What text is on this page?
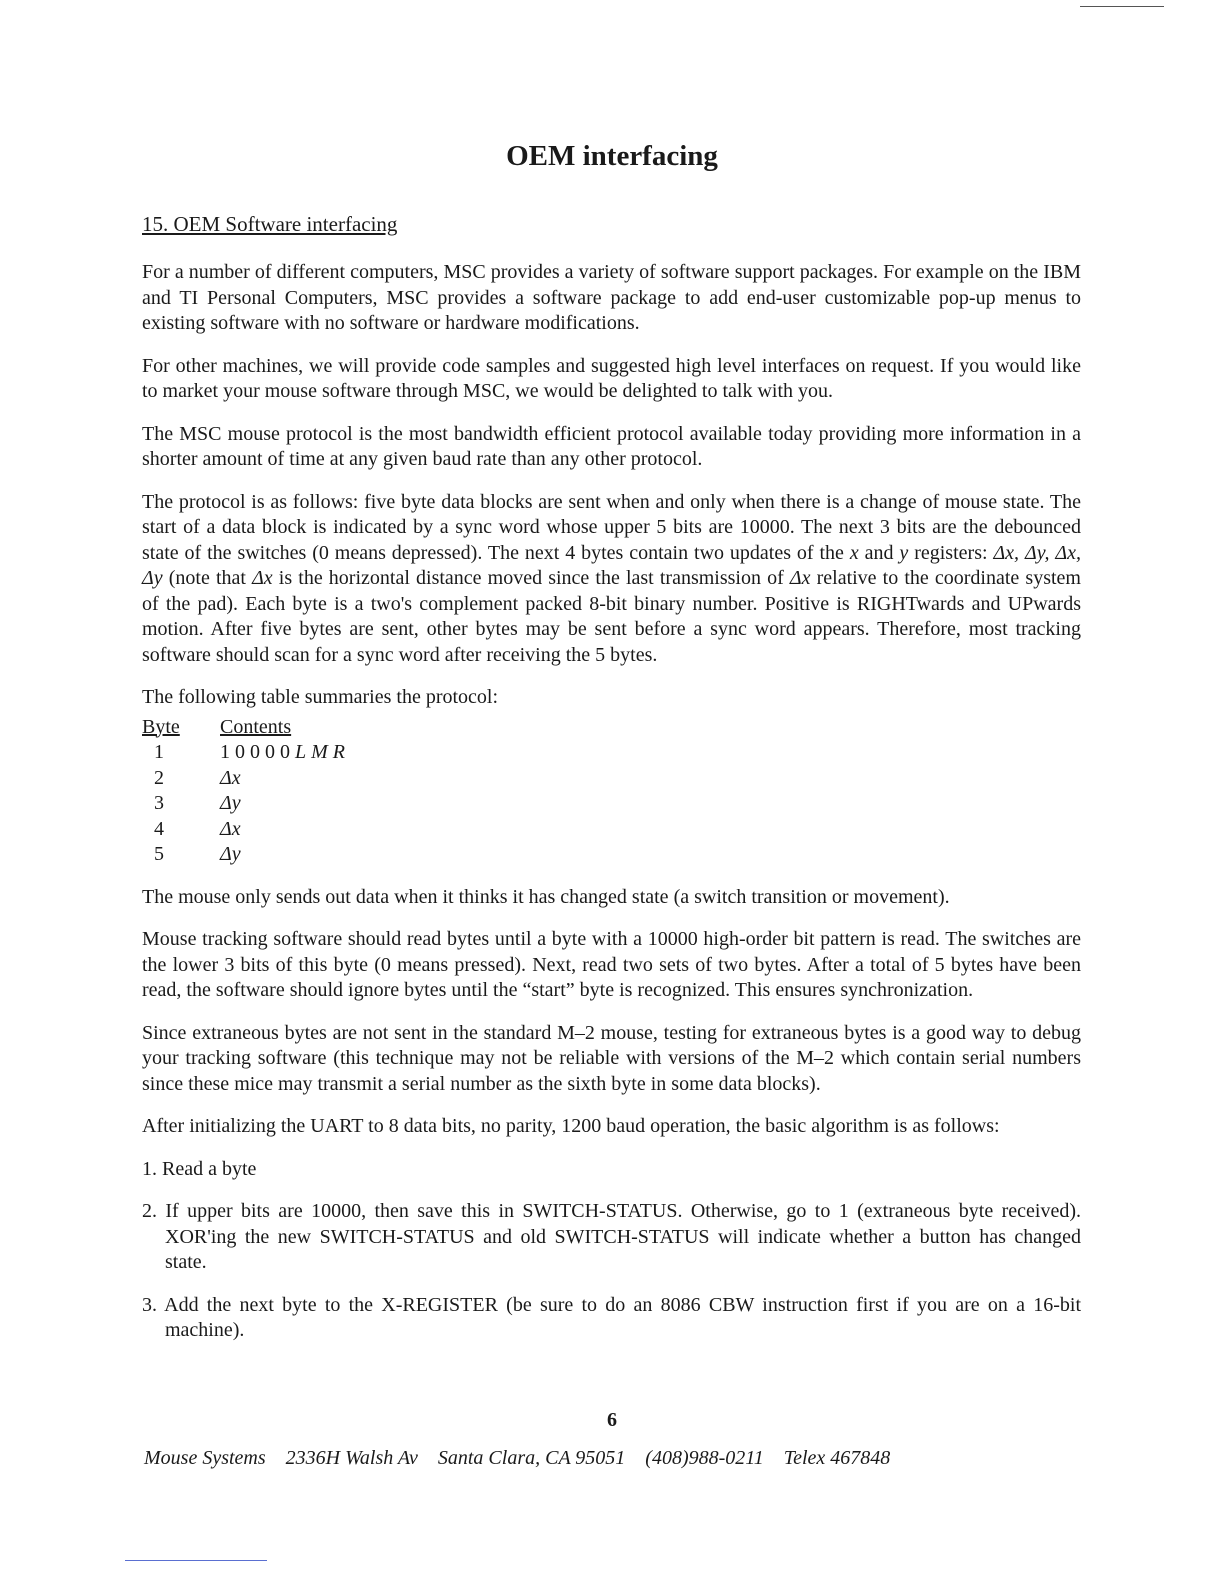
OEM interfacing
15. OEM Software interfacing

For a number of different computers, MSC provides a variety of software support packages. For example on the IBM and TI Personal Computers, MSC provides a software package to add end-user customizable pop-up menus to existing software with no software or hardware modifications.

For other machines, we will provide code samples and suggested high level interfaces on request. If you would like to market your mouse software through MSC, we would be delighted to talk with you.

The MSC mouse protocol is the most bandwidth efficient protocol available today providing more information in a shorter amount of time at any given baud rate than any other protocol.

The protocol is as follows: five byte data blocks are sent when and only when there is a change of mouse state. The start of a data block is indicated by a sync word whose upper 5 bits are 10000. The next 3 bits are the debounced state of the switches (0 means depressed). The next 4 bytes contain two updates of the x and y registers: Δx, Δy, Δx, Δy (note that Δx is the horizontal distance moved since the last transmission of Δx relative to the coordinate system of the pad). Each byte is a two's complement packed 8-bit binary number. Positive is RIGHTwards and UPwards motion. After five bytes are sent, other bytes may be sent before a sync word appears. Therefore, most tracking software should scan for a sync word after receiving the 5 bytes.

The following table summaries the protocol:

Byte	Contents
1	10000LMR
2	Δx
3	Δy
4	Δx
5	Δy

The mouse only sends out data when it thinks it has changed state (a switch transition or movement).

Mouse tracking software should read bytes until a byte with a 10000 high-order bit pattern is read. The switches are the lower 3 bits of this byte (0 means pressed). Next, read two sets of two bytes. After a total of 5 bytes have been read, the software should ignore bytes until the “start” byte is recognized. This ensures synchronization.

Since extraneous bytes are not sent in the standard M–2 mouse, testing for extraneous bytes is a good way to debug your tracking software (this technique may not be reliable with versions of the M–2 which contain serial numbers since these mice may transmit a serial number as the sixth byte in some data blocks).

After initializing the UART to 8 data bits, no parity, 1200 baud operation, the basic algorithm is as follows:

1. Read a byte
2. If upper bits are 10000, then save this in SWITCH-STATUS. Otherwise, go to 1 (extraneous byte received). XOR'ing the new SWITCH-STATUS and old SWITCH-STATUS will indicate whether a button has changed state.
3. Add the next byte to the X-REGISTER (be sure to do an 8086 CBW instruction first if you are on a 16-bit machine).
6
Mouse Systems    2336H Walsh Av    Santa Clara, CA 95051    (408)988-0211    Telex 467848
